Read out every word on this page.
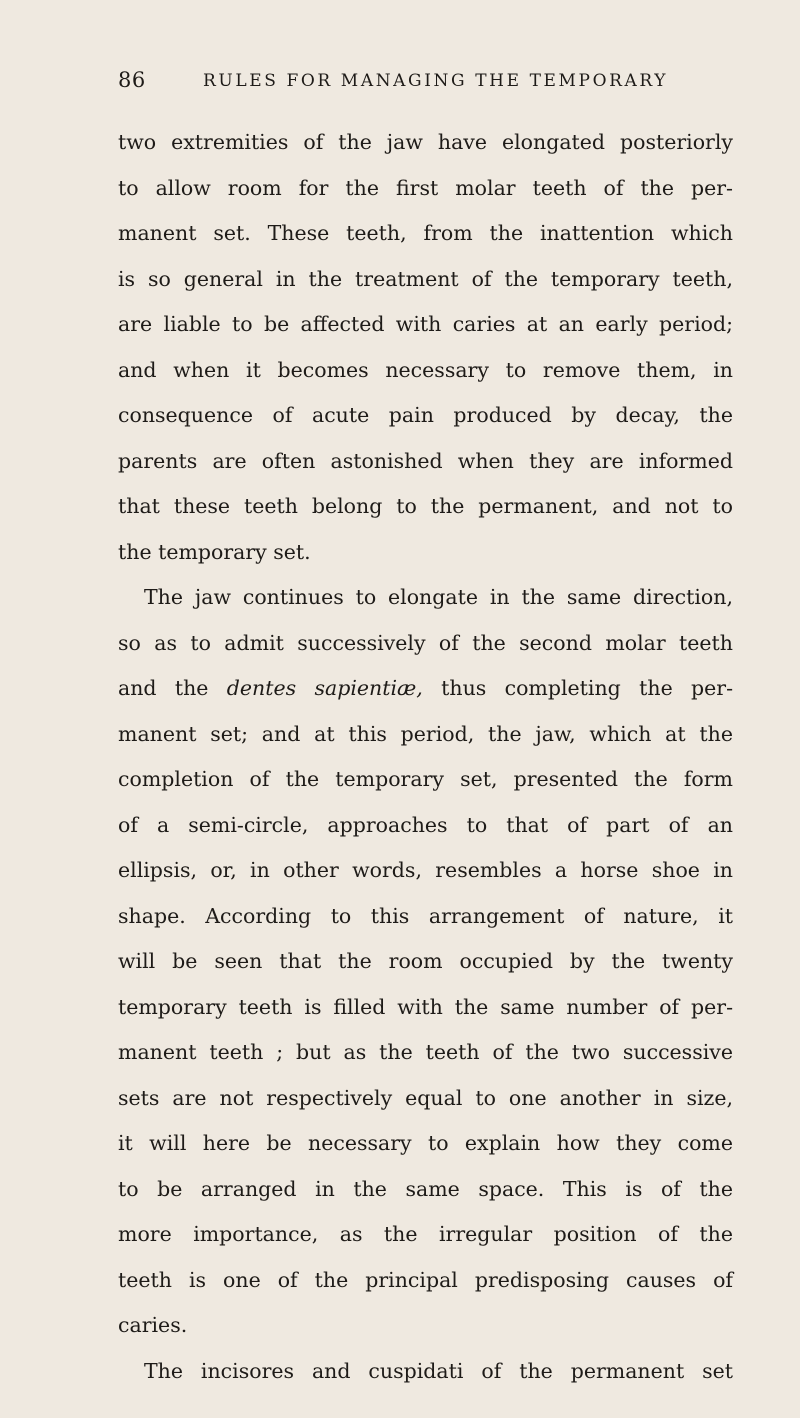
86	RULES FOR MANAGING THE TEMPORARY
two extremities of the jaw have elongated posteriorly
to allow room for the first molar teeth of the per-
manent set. These teeth, from the inattention which
is so general in the treatment of the temporary teeth,
are liable to be affected with caries at an early period;
and when it becomes necessary to remove them, in
consequence of acute pain produced by decay, the
parents are often astonished when they are informed
that these teeth belong to the permanent, and not to
the temporary set.
The jaw continues to elongate in the same direction,
so as to admit successively of the second molar teeth
and the dentes sapientiæ, thus completing the per-
manent set; and at this period, the jaw, which at the
completion of the temporary set, presented the form
of a semi-circle, approaches to that of part of an
ellipsis, or, in other words, resembles a horse shoe in
shape. According to this arrangement of nature, it
will be seen that the room occupied by the twenty
temporary teeth is filled with the same number of per-
manent teeth ; but as the teeth of the two successive
sets are not respectively equal to one another in size,
it will here be necessary to explain how they come
to be arranged in the same space. This is of the
more importance, as the irregular position of the
teeth is one of the principal predisposing causes of
caries.
The incisores and cuspidati of the permanent set
